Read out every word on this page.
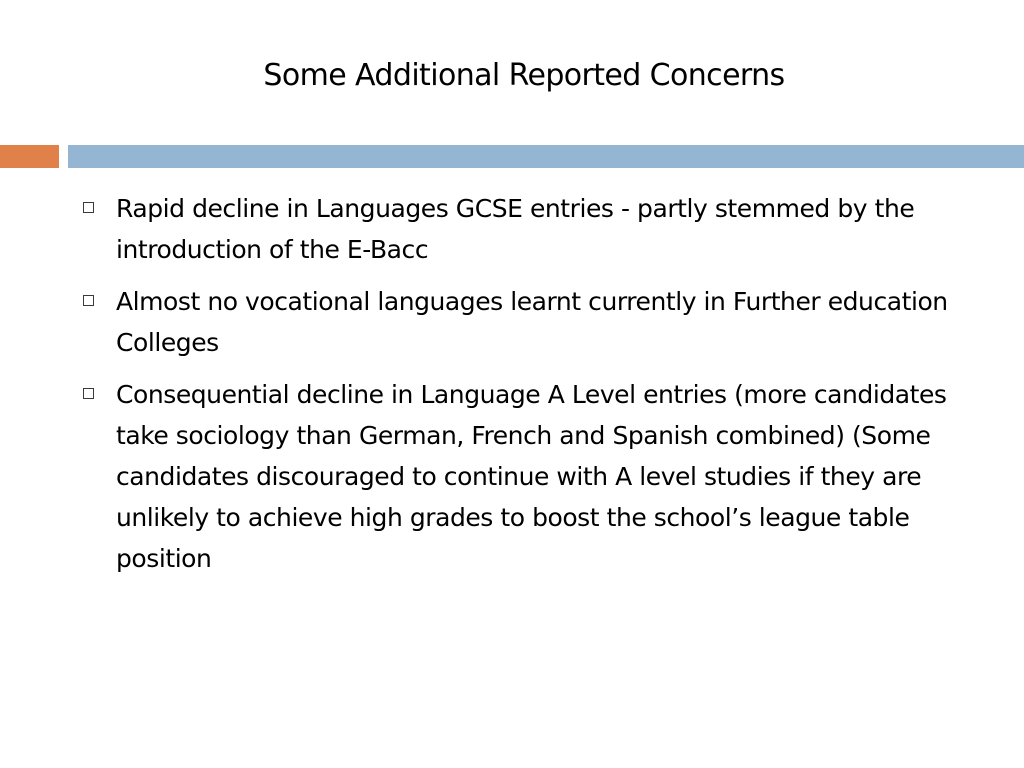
Some Additional Reported Concerns
Rapid decline in Languages GCSE entries - partly stemmed by the introduction of the E-Bacc
Almost no vocational languages learnt currently in Further education Colleges
Consequential decline in Language A Level entries (more candidates take sociology than German, French and Spanish combined) (Some candidates discouraged to continue with A level studies if they are unlikely to achieve high grades to boost the school’s league table position
